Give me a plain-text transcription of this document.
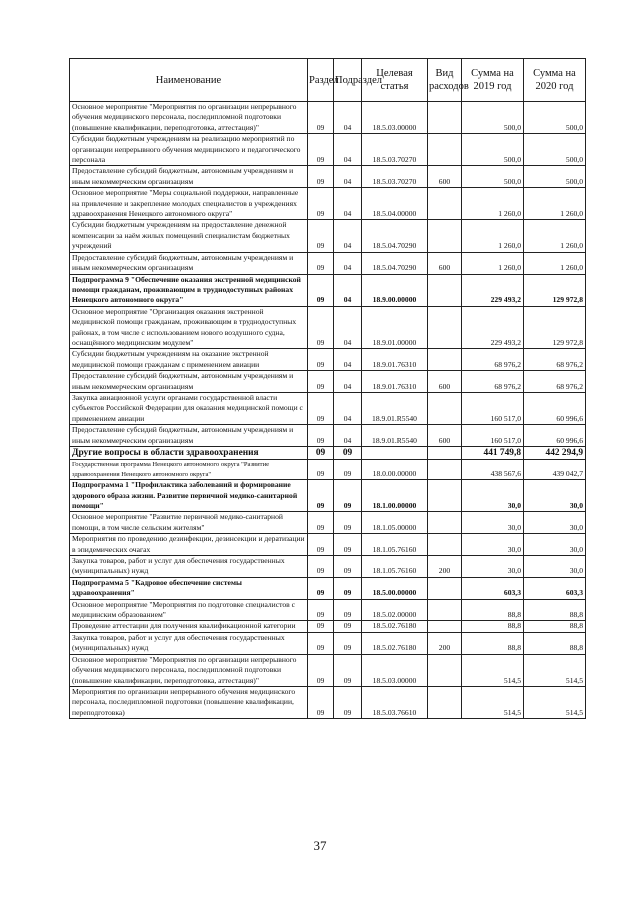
Наименование	Раздел	Подраздел	Целевая статья	Вид расходов	Сумма на 2019 год	Сумма на 2020 год
Основное мероприятие "Мероприятия по организации непрерывного обучения медицинского персонала, последипломной подготовки (повышение квалификации, переподготовка, аттестация)"	09	04	18.5.03.00000		500,0	500,0
Субсидии бюджетным учреждениям на реализацию мероприятий по организации непрерывного обучения медицинского и педагогического персонала	09	04	18.5.03.70270		500,0	500,0
Предоставление субсидий бюджетным, автономным учреждениям и иным некоммерческим организациям	09	04	18.5.03.70270	600	500,0	500,0
Основное мероприятие "Меры социальной поддержки, направленные на привлечение и закрепление молодых специалистов в учреждениях здравоохранения Ненецкого автономного округа"	09	04	18.5.04.00000		1 260,0	1 260,0
Субсидии бюджетным учреждениям на предоставление денежной компенсации за наём жилых помещений специалистам бюджетных учреждений	09	04	18.5.04.70290		1 260,0	1 260,0
Предоставление субсидий бюджетным, автономным учреждениям и иным некоммерческим организациям	09	04	18.5.04.70290	600	1 260,0	1 260,0
Подпрограмма 9 "Обеспечение оказания экстренной медицинской помощи гражданам, проживающим в труднодоступных районах Ненецкого автономного округа"	09	04	18.9.00.00000		229 493,2	129 972,8
Основное мероприятие "Организация оказания экстренной медицинской помощи гражданам, проживающим в труднодоступных районах, в том числе с использованием нового воздушного судна, оснащённого медицинским модулем"	09	04	18.9.01.00000		229 493,2	129 972,8
Субсидии бюджетным учреждениям на оказание экстренной медицинской помощи гражданам с применением авиации	09	04	18.9.01.76310		68 976,2	68 976,2
Предоставление субсидий бюджетным, автономным учреждениям и иным некоммерческим организациям	09	04	18.9.01.76310	600	68 976,2	68 976,2
Закупка авиационной услуги органами государственной власти субъектов Российской Федерации для оказания медицинской помощи с применением авиации	09	04	18.9.01.R5540		160 517,0	60 996,6
Предоставление субсидий бюджетным, автономным учреждениям и иным некоммерческим организациям	09	04	18.9.01.R5540	600	160 517,0	60 996,6
Другие вопросы в области здравоохранения	09	09			441 749,8	442 294,9
Государственная программа Ненецкого автономного округа "Развитие здравоохранения Ненецкого автономного округа"	09	09	18.0.00.00000		438 567,6	439 042,7
Подпрограмма 1 "Профилактика заболеваний и формирование здорового образа жизни. Развитие первичной медико-санитарной помощи"	09	09	18.1.00.00000		30,0	30,0
Основное мероприятие "Развитие первичной медико-санитарной помощи, в том числе сельским жителям"	09	09	18.1.05.00000		30,0	30,0
Мероприятия по проведению дезинфекции, дезинсекции и дератизации в эпидемических очагах	09	09	18.1.05.76160		30,0	30,0
Закупка товаров, работ и услуг для обеспечения государственных (муниципальных) нужд	09	09	18.1.05.76160	200	30,0	30,0
Подпрограмма 5 "Кадровое обеспечение системы здравоохранения"	09	09	18.5.00.00000		603,3	603,3
Основное мероприятие "Мероприятия по подготовке специалистов с медицинским образованием"	09	09	18.5.02.00000		88,8	88,8
Проведение аттестации для получения квалификационной категории	09	09	18.5.02.76180		88,8	88,8
Закупка товаров, работ и услуг для обеспечения государственных (муниципальных) нужд	09	09	18.5.02.76180	200	88,8	88,8
Основное мероприятие "Мероприятия по организации непрерывного обучения медицинского персонала, последипломной подготовки (повышение квалификации, переподготовка, аттестация)"	09	09	18.5.03.00000		514,5	514,5
Мероприятия по организации непрерывного обучения медицинского персонала, последипломной подготовки (повышение квалификации, переподготовка)	09	09	18.5.03.76610		514,5	514,5
37
